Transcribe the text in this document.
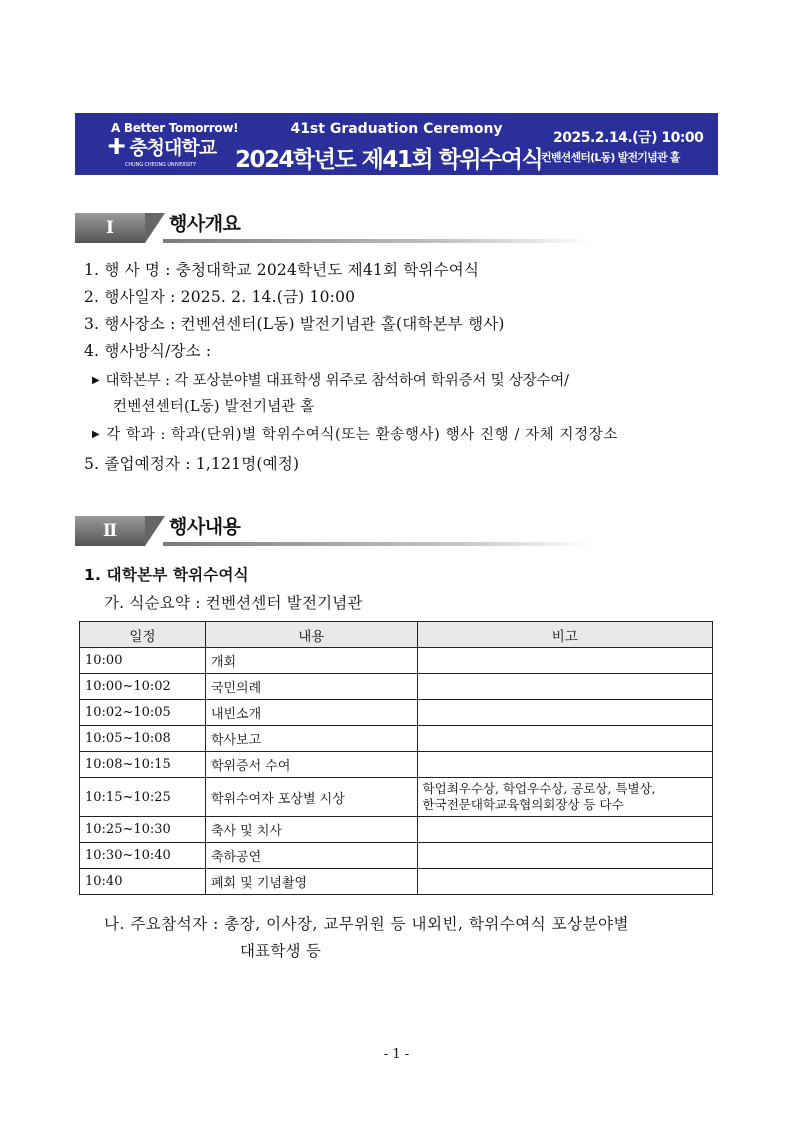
A Better Tomorrow!
ⵜ 충청대학교
CHUNG CHEONG UNIVERSITY
41st Graduation Ceremony
2024학년도 제41회 학위수여식
2025.2.14.(금) 10:00
컨벤션센터(L동) 발전기념관 홀
I	행사개요
1. 행 사 명 : 충청대학교 2024학년도 제41회 학위수여식
2. 행사일자 : 2025. 2. 14.(금) 10:00
3. 행사장소 : 컨벤션센터(L동) 발전기념관 홀(대학본부 행사)
4. 행사방식/장소 :
▶ 대학본부 : 각 포상분야별 대표학생 위주로 참석하여 학위증서 및 상장수여/
컨벤션센터(L동) 발전기념관 홀
▶ 각 학과 : 학과(단위)별 학위수여식(또는 환송행사) 행사 진행 / 자체 지정장소
5. 졸업예정자 : 1,121명(예정)
Ⅱ	행사내용
1. 대학본부 학위수여식
가. 식순요약 : 컨벤션센터 발전기념관
일정	내용	비고
10:00	개회	
10:00~10:02	국민의례	
10:02~10:05	내빈소개	
10:05~10:08	학사보고	
10:08~10:15	학위증서 수여	
10:15~10:25	학위수여자 포상별 시상	학업최우수상, 학업우수상, 공로상, 특별상,
한국전문대학교육협의회장상 등 다수

10:25~10:30	축사 및 치사	
10:30~10:40	축하공연	
10:40	폐회 및 기념촬영	
나. 주요참석자 : 총장, 이사장, 교무위원 등 내외빈, 학위수여식 포상분야별
대표학생 등
- 1 -
